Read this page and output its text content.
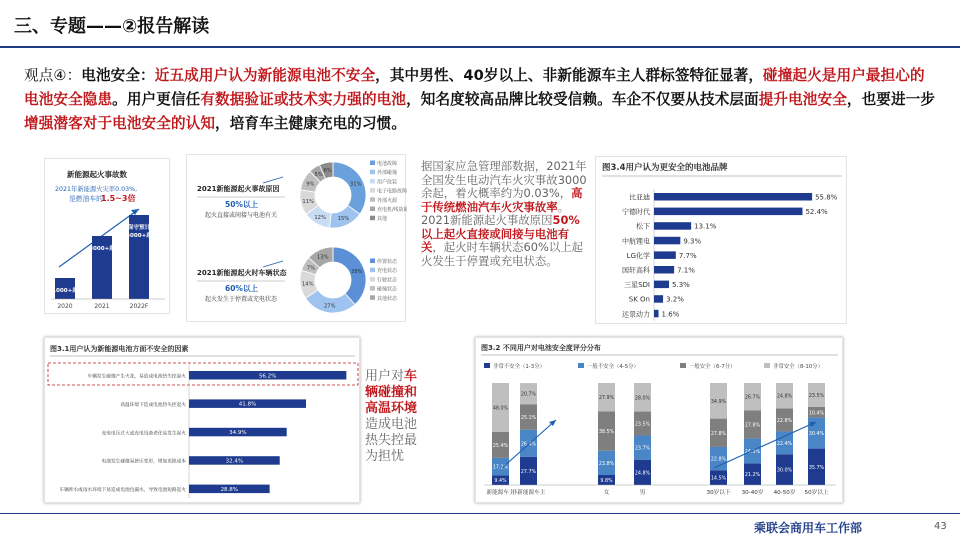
三、专题——②报告解读
观点④：电池安全：近五成用户认为新能源电池不安全，其中男性、40岁以上、非新能源车主人群标签特征显著，碰撞起火是用户最担心的电池安全隐患。用户更信任有数据验证或技术实力强的电池，知名度较高品牌比较受信赖。车企不仅要从技术层面提升电池安全，也要进一步增强潜客对于电池安全的认知，培育车主健康充电的习惯。
新能源起火事故数
2021年新能源火灾率0.03%,
是燃油车的
1.5~3倍
2020
1000+起
2021
3000+起
2022F
保守预计
4000+起
2021新能源起火事故原因
50%以上
起火直接或间接与电池有关
2021新能源起火时车辆状态
60%以上
起火发生于停置或充电状态
31%
15%
12%
11%
9%
5%
6%
电池故障
外部碰撞
用户改装
电子电路故障
外部火源
充电机/线故障
其他
38%
27%
14%
7%
13%
停置状态
充电状态
行驶状态
碰撞状态
其他状态
据国家应急管理部数据，2021年全国发生电动汽车火灾事故3000余起，着火概率约为0.03%，高于传统燃油汽车火灾事故率。2021新能源起火事故原因50%以上起火直接或间接与电池有关，起火时车辆状态60%以上起火发生于停置或充电状态。
图3.4用户认为更安全的电池品牌
比亚迪	55.8%
宁德时代	52.4%
松下	13.1%
中航锂电	9.3%
LG化学	7.7%
国轩高科	7.1%
三星SDI	5.3%
SK On 3.2%
远景动力 1.6%
图3.1用户认为新能源电池方面不安全的因素
车辆发生碰撞产生火花，易造成电池热失控起火	56.2%
高温环境下造成电池热失控起火	41.8%
充电电压过大或充电设备老化易发生起火	34.9%
电池发生碰撞易挤压变形，增加更换成本	32.4%
车辆涉水或雨水环境下易造成电池包漏水，导致电池短路起火	28.8%
用户对车辆碰撞和高温环境造成电池热失控最为担忧
图3.2 不同用户对电池安全度评分分布
非常不安全（1-3分）	一般不安全（4-5分）	一般安全（6-7分）	非常安全（8-10分）
9.4%
17.2%
25.4%
48.0%
新能源车主
27.7%
26.4%
25.1%
20.7%
非新能源车主
9.8%
23.8%
38.5%
27.9%
女
24.8%
23.7%
23.5%
28.0%
男
14.5%
22.8%
27.8%
34.9%
30岁以下
21.2%
24.3%
27.8%
26.7%
30-40岁
30.0%
22.4%
22.8%
24.8%
40-50岁
35.7%
30.4%
10.4%
23.5%
50岁以上
乘联会商用车工作部	43
